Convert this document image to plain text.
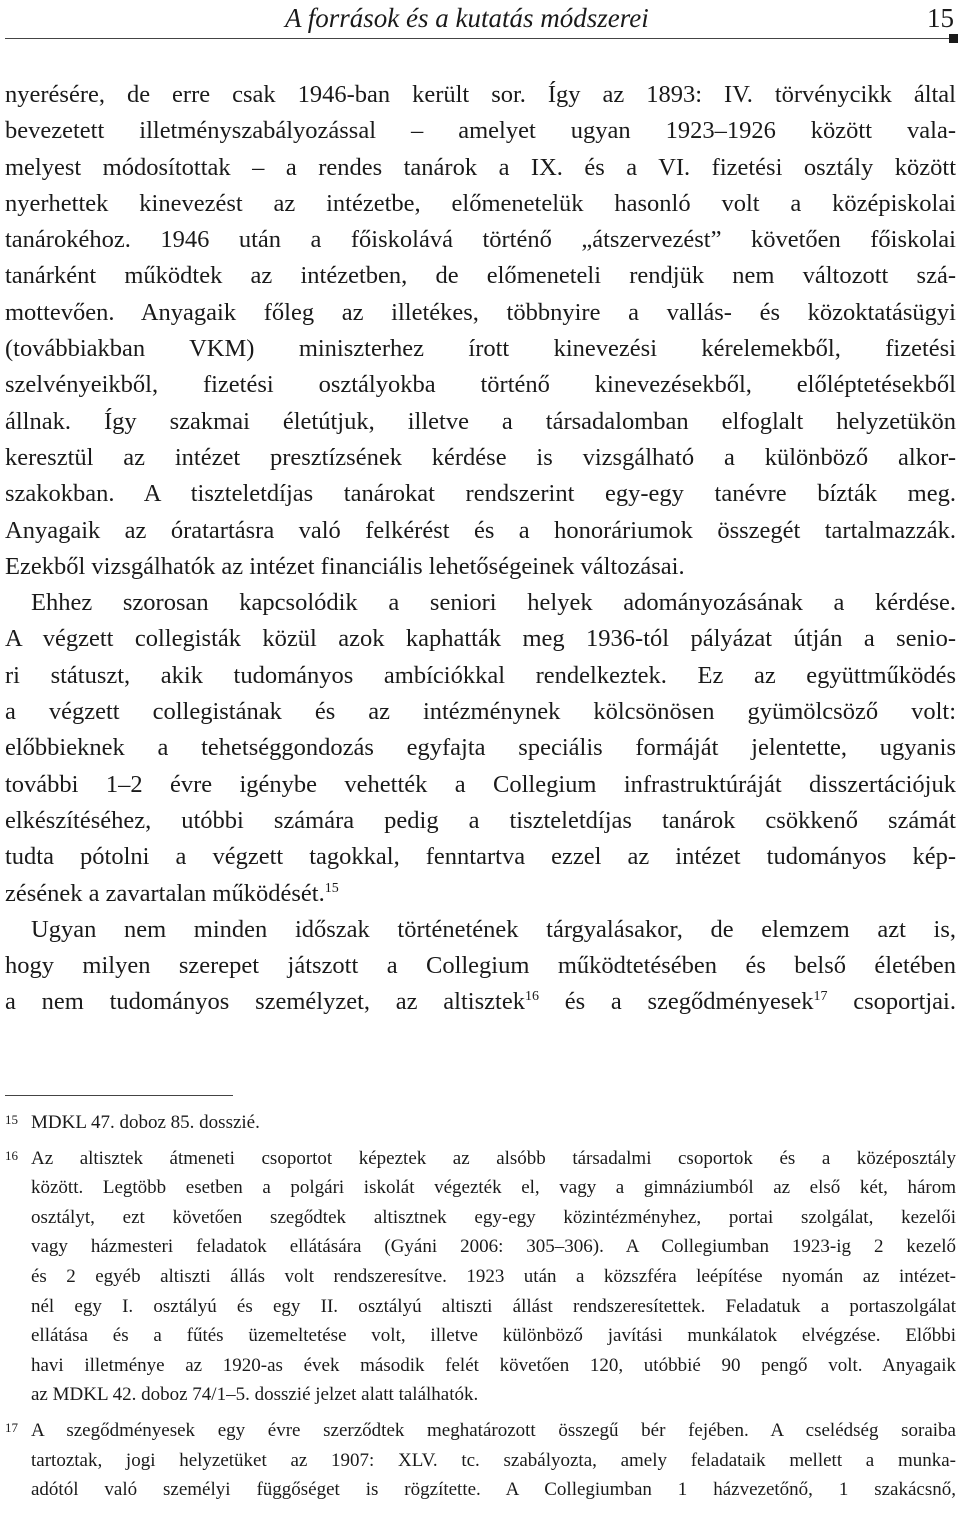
A források és a kutatás módszerei	15
nyerésére, de erre csak 1946-ban került sor. Így az 1893: IV. törvénycikk által
bevezetett illetményszabályozással – amelyet ugyan 1923–1926 között vala-
melyest módosítottak – a rendes tanárok a IX. és a VI. fizetési osztály között
nyerhettek kinevezést az intézetbe, előmenetelük hasonló volt a középiskolai
tanárokéhoz. 1946 után a főiskolává történő „átszervezést” követően főiskolai
tanárként működtek az intézetben, de előmeneteli rendjük nem változott szá-
mottevően. Anyagaik főleg az illetékes, többnyire a vallás- és közoktatásügyi
(továbbiakban VKM) miniszterhez írott kinevezési kérelemekből, fizetési
szelvényeikből, fizetési osztályokba történő kinevezésekből, előléptetésekből
állnak. Így szakmai életútjuk, illetve a társadalomban elfoglalt helyzetükön
keresztül az intézet presztízsének kérdése is vizsgálható a különböző alkor-
szakokban. A tiszteletdíjas tanárokat rendszerint egy-egy tanévre bízták meg.
Anyagaik az óratartásra való felkérést és a honoráriumok összegét tartalmazzák.
Ezekből vizsgálhatók az intézet financiális lehetőségeinek változásai.
Ehhez szorosan kapcsolódik a seniori helyek adományozásának a kérdése.
A végzett collegisták közül azok kaphatták meg 1936-tól pályázat útján a senio-
ri státuszt, akik tudományos ambíciókkal rendelkeztek. Ez az együttműködés
a végzett collegistának és az intézménynek kölcsönösen gyümölcsöző volt:
előbbieknek a tehetséggondozás egyfajta speciális formáját jelentette, ugyanis
további 1–2 évre igénybe vehették a Collegium infrastruktúráját disszertációjuk
elkészítéséhez, utóbbi számára pedig a tiszteletdíjas tanárok csökkenő számát
tudta pótolni a végzett tagokkal, fenntartva ezzel az intézet tudományos kép-
zésének a zavartalan működését.$^{15}$
Ugyan nem minden időszak történetének tárgyalásakor, de elemzem azt is,
hogy milyen szerepet játszott a Collegium működtetésében és belső életében
a nem tudományos személyzet, az altisztek$^{16}$ és a szegődményesek$^{17}$ csoportjai.
15 MDKL 47. doboz 85. dosszié.
16 Az altisztek átmeneti csoportot képeztek az alsóbb társadalmi csoportok és a középosztály
között. Legtöbb esetben a polgári iskolát végezték el, vagy a gimnáziumból az első két, három
osztályt, ezt követően szegődtek altisztnek egy-egy közintézményhez, portai szolgálat, kezelői
vagy házmesteri feladatok ellátására (Gyáni 2006: 305–306). A Collegiumban 1923-ig 2 kezelő
és 2 egyéb altiszti állás volt rendszeresítve. 1923 után a közszféra leépítése nyomán az intézet-
nél egy I. osztályú és egy II. osztályú altiszti állást rendszeresítettek. Feladatuk a portaszolgálat
ellátása és a fűtés üzemeltetése volt, illetve különböző javítási munkálatok elvégzése. Előbbi
havi illetménye az 1920-as évek második felét követően 120, utóbbié 90 pengő volt. Anyagaik
az MDKL 42. doboz 74/1–5. dosszié jelzet alatt találhatók.
17 A szegődményesek egy évre szerződtek meghatározott összegű bér fejében. A cselédség soraiba
tartoztak, jogi helyzetüket az 1907: XLV. tc. szabályozta, amely feladataik mellett a munka-
adótól való személyi függőséget is rögzítette. A Collegiumban 1 házvezetőnő, 1 szakácsnő,
